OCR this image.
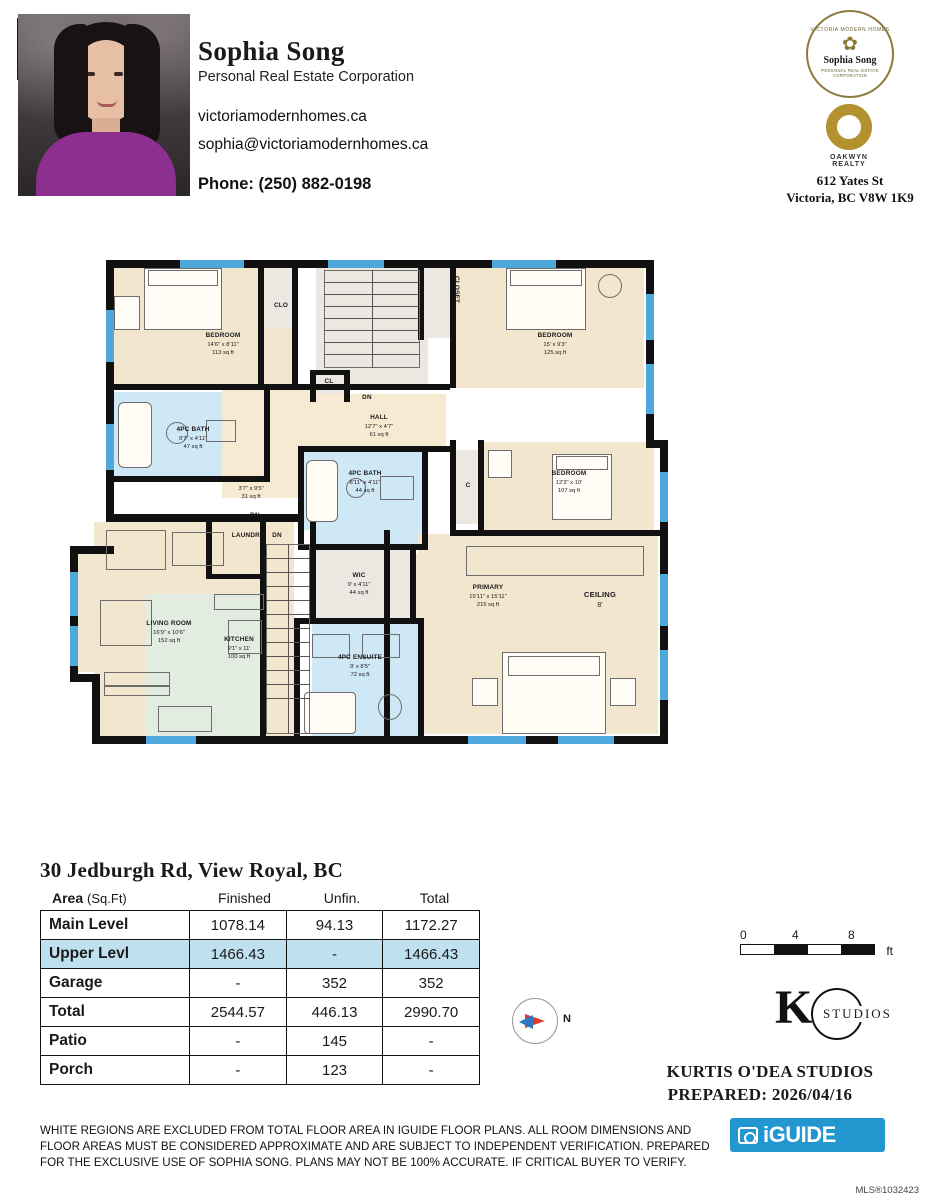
Sophia Song
Personal Real Estate Corporation
victoriamodernhomes.ca
sophia@victoriamodernhomes.ca
Phone: (250) 882-0198
VICTORIA MODERN HOMES
✿
Sophia Song
PERSONAL REAL ESTATE CORPORATION
OAKWYN REALTY
612 Yates St
Victoria, BC V8W 1K9
BEDROOM
14'6" x 8'11"
113 sq ft
CLO
CLOSET
BEDROOM
15' x 9'3"
125 sq ft
4PC BATH
9'7" x 4'11"
47 sq ft
CL
HALL
12'7" x 4'7"
61 sq ft
HALL
3'7" x 9'5"
31 sq ft
4PC BATH
8'11" x 4'11"
44 sq ft
C
BEDROOM
12'3" x 10'
107 sq ft
WIC
9' x 4'11"
44 sq ft
PRIMARY
15'11" x 15'11"
215 sq ft
CEILING
8'
4PC ENSUITE
9' x 8'5"
72 sq ft
LAUNDRY
LIVING ROOM
16'9" x 10'6"
152 sq ft	KITCHEN
9'1" x 11'
100 sq ft
DN
DN
DN
30 Jedburgh Rd, View Royal, BC
Area (Sq.Ft)	Finished	Unfin.	Total
Main Level	1078.14	94.13	1172.27
Upper Levl	1466.43	-	1466.43
Garage	-	352	352
Total	2544.57	446.13	2990.70
Patio	-	145	-
Porch	-	123	-
0	4	8
ft
N	K STUDIOS
KURTIS O'DEA STUDIOS
PREPARED: 2026/04/16
iGUIDE
WHITE REGIONS ARE EXCLUDED FROM TOTAL FLOOR AREA IN IGUIDE FLOOR PLANS. ALL ROOM DIMENSIONS AND FLOOR AREAS MUST BE CONSIDERED APPROXIMATE AND ARE SUBJECT TO INDEPENDENT VERIFICATION. PREPARED FOR THE EXCLUSIVE USE OF SOPHIA SONG. PLANS MAY NOT BE 100% ACCURATE. IF CRITICAL BUYER TO VERIFY.
MLS®1032423
